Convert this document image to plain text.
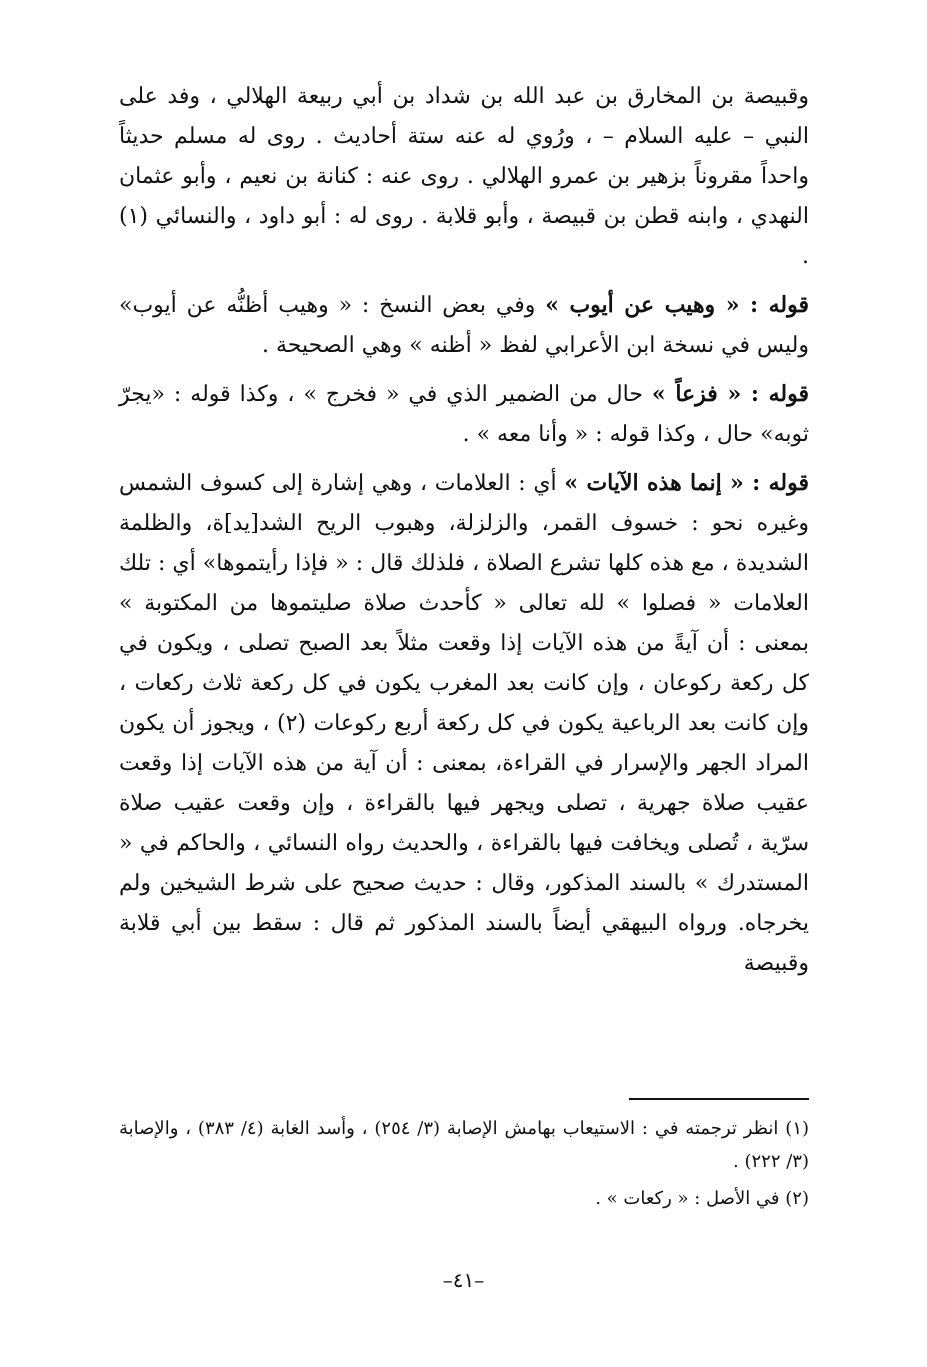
وقبيصة بن المخارق بن عبد الله بن شداد بن أبي ربيعة الهلالي ، وفد على النبي – عليه السلام – ، ورُوي له عنه ستة أحاديث . روى له مسلم حديثاً واحداً مقروناً بزهير بن عمرو الهلالي . روى عنه : كنانة بن نعيم ، وأبو عثمان النهدي ، وابنه قطن بن قبيصة ، وأبو قلابة . روى له : أبو داود ، والنسائي (١) .

قوله : « وهيب عن أيوب » وفي بعض النسخ : « وهيب أظنُّه عن أيوب» وليس في نسخة ابن الأعرابي لفظ « أظنه » وهي الصحيحة .

قوله : « فزعاً » حال من الضمير الذي في « فخرج » ، وكذا قوله : «يجرّ ثوبه» حال ، وكذا قوله : « وأنا معه » .

قوله : « إنما هذه الآيات » أي : العلامات ، وهي إشارة إلى كسوف الشمس وغيره نحو : خسوف القمر، والزلزلة، وهبوب الريح الشد[يد]ة، والظلمة الشديدة ، مع هذه كلها تشرع الصلاة ، فلذلك قال : « فإذا رأيتموها» أي : تلك العلامات « فصلوا » لله تعالى « كأحدث صلاة صليتموها من المكتوبة » بمعنى : أن آيةً من هذه الآيات إذا وقعت مثلاً بعد الصبح تصلى ، ويكون في كل ركعة ركوعان ، وإن كانت بعد المغرب يكون في كل ركعة ثلاث ركعات ، وإن كانت بعد الرباعية يكون في كل ركعة أربع ركوعات (٢) ، ويجوز أن يكون المراد الجهر والإسرار في القراءة، بمعنى : أن آية من هذه الآيات إذا وقعت عقيب صلاة جهرية ، تصلى ويجهر فيها بالقراءة ، وإن وقعت عقيب صلاة سرّية ، تُصلى ويخافت فيها بالقراءة ، والحديث رواه النسائي ، والحاكم في « المستدرك » بالسند المذكور، وقال : حديث صحيح على شرط الشيخين ولم يخرجاه. ورواه البيهقي أيضاً بالسند المذكور ثم قال : سقط بين أبي قلابة وقبيصة

(١) انظر ترجمته في : الاستيعاب بهامش الإصابة (٣/ ٢٥٤) ، وأسد الغابة (٤/ ٣٨٣) ، والإصابة (٣/ ٢٢٢) .

(٢) في الأصل : « ركعات » .

–٤١–
